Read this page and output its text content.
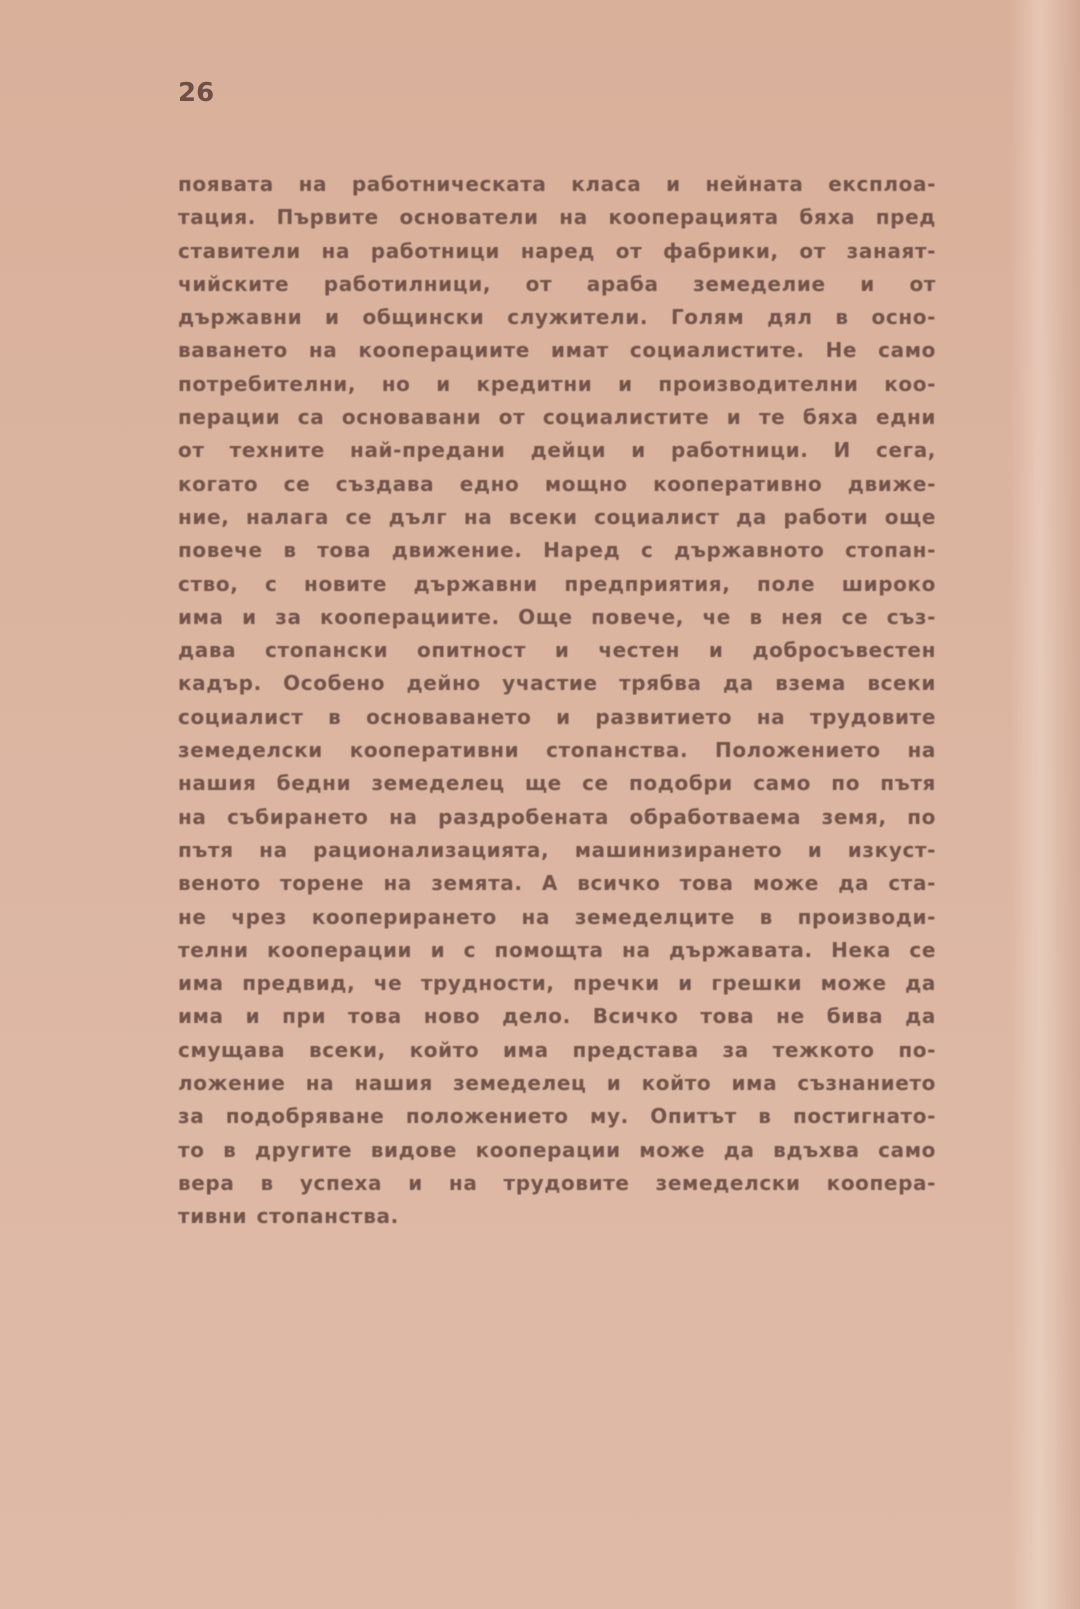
26
появата на работническата класа и нейната експлоа-
тация. Първите основатели на кооперацията бяха пред
ставители на работници наред от фабрики, от занаят-
чийските работилници, от араба земеделие и от
държавни и общински служители. Голям дял в осно-
ваването на кооперациите имат социалистите. Не само
потребителни, но и кредитни и производителни коо-
перации са основавани от социалистите и те бяха едни
от техните най-предани дейци и работници. И сега,
когато се създава едно мощно кооперативно движе-
ние, налага се дълг на всеки социалист да работи още
повече в това движение. Наред с държавното стопан-
ство, с новите държавни предприятия, поле широко
има и за кооперациите. Още повече, че в нея се съз-
дава стопански опитност и честен и добросъвестен
кадър. Особено дейно участие трябва да взема всеки
социалист в основаването и развитието на трудовите
земеделски кооперативни стопанства. Положението на
нашия бедни земеделец ще се подобри само по пътя
на събирането на раздробената обработваема земя, по
пътя на рационализацията, машинизирането и изкуст-
веното торене на земята. А всичко това може да ста-
не чрез кооперирането на земеделците в производи-
телни кооперации и с помощта на държавата. Нека се
има предвид, че трудности, пречки и грешки може да
има и при това ново дело. Всичко това не бива да
смущава всеки, който има представа за тежкото по-
ложение на нашия земеделец и който има съзнанието
за подобряване положението му. Опитът в постигнато-
то в другите видове кооперации може да вдъхва само
вера в успеха и на трудовите земеделски коопера-
тивни стопанства.
